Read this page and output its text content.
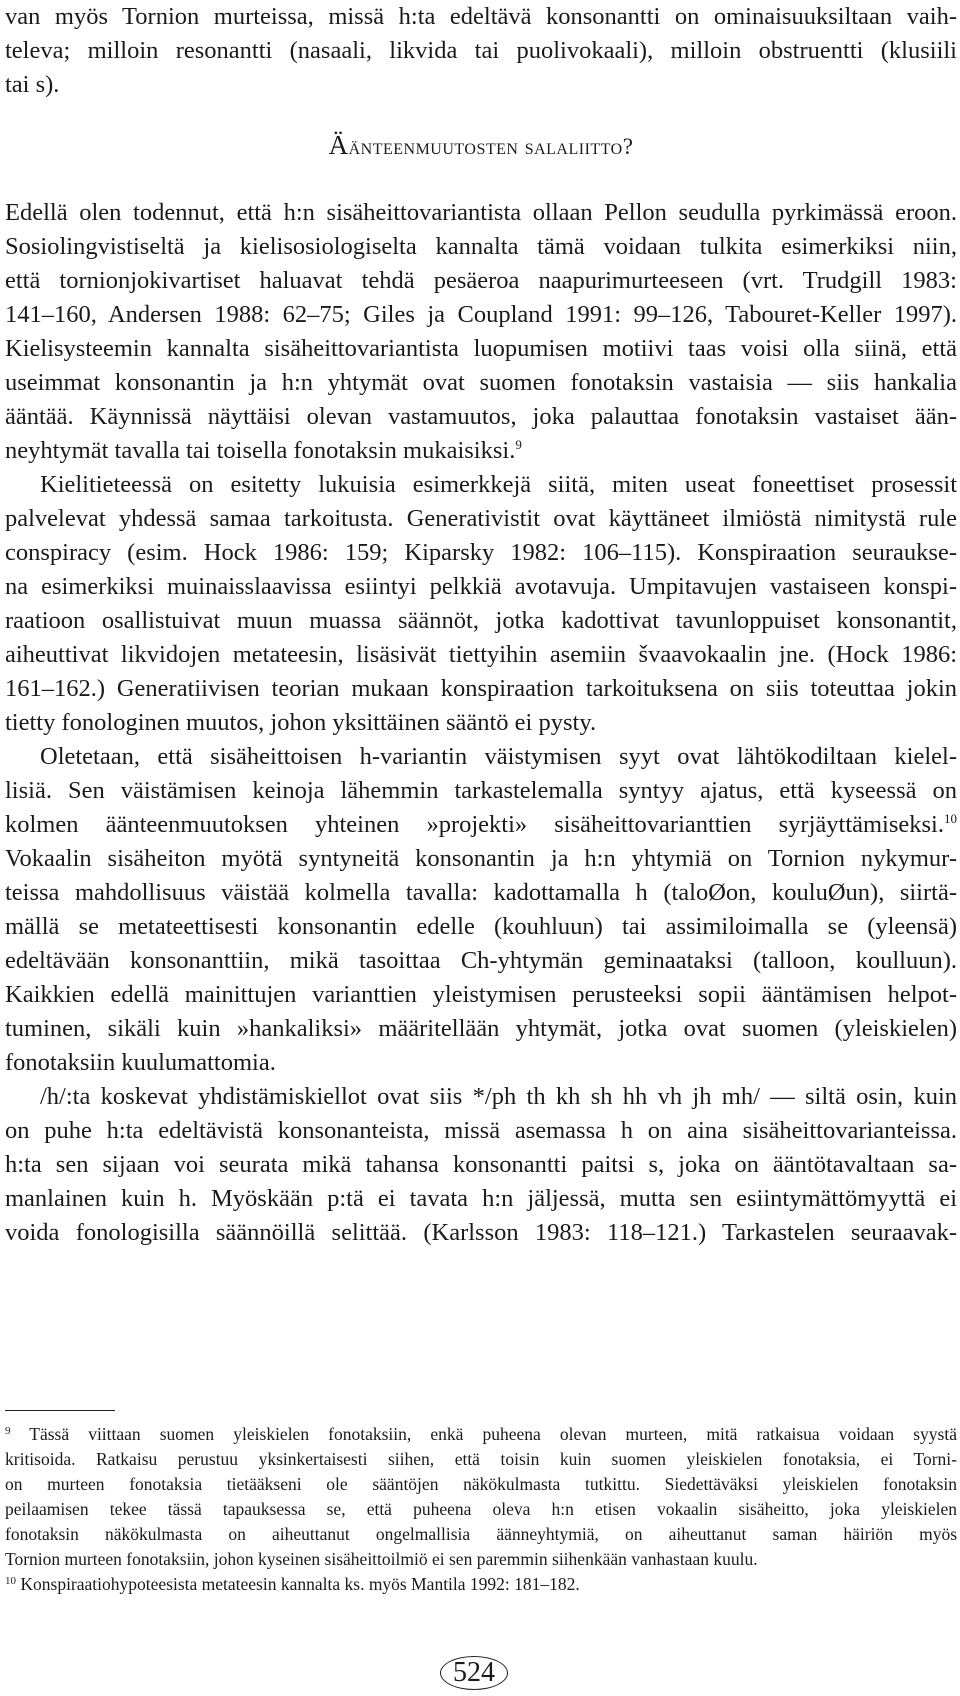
van myös Tornion murteissa, missä h:ta edeltävä konsonantti on ominaisuuksiltaan vaih-
televa; milloin resonantti (nasaali, likvida tai puolivokaali), milloin obstruentti (klusiili
tai s).
Äänteenmuutosten salaliitto?
Edellä olen todennut, että h:n sisäheittovariantista ollaan Pellon seudulla pyrkimässä eroon.
Sosiolingvistiseltä ja kielisosiologiselta kannalta tämä voidaan tulkita esimerkiksi niin,
että tornionjokivartiset haluavat tehdä pesäeroa naapurimurteeseen (vrt. Trudgill 1983:
141–160, Andersen 1988: 62–75; Giles ja Coupland 1991: 99–126, Tabouret-Keller 1997).
Kielisysteemin kannalta sisäheittovariantista luopumisen motiivi taas voisi olla siinä, että
useimmat konsonantin ja h:n yhtymät ovat suomen fonotaksin vastaisia — siis hankalia
ääntää. Käynnissä näyttäisi olevan vastamuutos, joka palauttaa fonotaksin vastaiset ään-
neyhtymät tavalla tai toisella fonotaksin mukaisiksi.$^9$
Kielitieteessä on esitetty lukuisia esimerkkejä siitä, miten useat foneettiset prosessit
palvelevat yhdessä samaa tarkoitusta. Generativistit ovat käyttäneet ilmiöstä nimitystä rule
conspiracy (esim. Hock 1986: 159; Kiparsky 1982: 106–115). Konspiraation seurauksе-
na esimerkiksi muinaisslaavissa esiintyi pelkkiä avotavuja. Umpitavujen vastaiseen konspi-
raatioon osallistuivat muun muassa säännöt, jotka kadottivat tavunloppuiset konsonantit,
aiheuttivat likvidojen metateesin, lisäsivät tiettyihin asemiin švaavokaalin jne. (Hock 1986:
161–162.) Generatiivisen teorian mukaan konspiraation tarkoituksena on siis toteuttaa jokin
tietty fonologinen muutos, johon yksittäinen sääntö ei pysty.
Oletetaan, että sisäheittoisen h-variantin väistymisen syyt ovat lähtökodiltaan kielel-
lisiä. Sen väistämisen keinoja lähemmin tarkastelemalla syntyy ajatus, että kyseessä on
kolmen äänteenmuutoksen yhteinen »projekti» sisäheittovarianttien syrjäyttämiseksi.$^{10}$
Vokaalin sisäheiton myötä syntyneitä konsonantin ja h:n yhtymiä on Tornion nykymur-
teissa mahdollisuus väistää kolmella tavalla: kadottamalla h (taloØon, kouluØun), siirtä-
mällä se metateettisesti konsonantin edelle (kouhluun) tai assimiloimalla se (yleensä)
edeltävään konsonanttiin, mikä tasoittaa Ch-yhtymän geminaataksi (talloon, koulluun).
Kaikkien edellä mainittujen varianttien yleistymisen perusteeksi sopii ääntämisen helpot-
tuminen, sikäli kuin »hankaliksi» määritellään yhtymät, jotka ovat suomen (yleiskielen)
fonotaksiin kuulumattomia.
/h/:ta koskevat yhdistämiskiellot ovat siis */ph th kh sh hh vh jh mh/ — siltä osin, kuin
on puhe h:ta edeltävistä konsonanteista, missä asemassa h on aina sisäheittovarianteissa.
h:ta sen sijaan voi seurata mikä tahansa konsonantti paitsi s, joka on ääntötavaltaan sa-
manlainen kuin h. Myöskään p:tä ei tavata h:n jäljessä, mutta sen esiintymättömyyttä ei
voida fonologisilla säännöillä selittää. (Karlsson 1983: 118–121.) Tarkastelen seuraavak-
$^9$ Tässä viittaan suomen yleiskielen fonotaksiin, enkä puheena olevan murteen, mitä ratkaisua voidaan syystä
kritisoida. Ratkaisu perustuu yksinkertaisesti siihen, että toisin kuin suomen yleiskielen fonotaksia, ei Torni-
on murteen fonotaksia tietääkseni ole sääntöjen näkökulmasta tutkittu. Siedettäväksi yleiskielen fonotaksin
peilaamisen tekee tässä tapauksessa se, että puheena oleva h:n etisen vokaalin sisäheitto, joka yleiskielen
fonotaksin näkökulmasta on aiheuttanut ongelmallisia äänneyhtymiä, on aiheuttanut saman häiriön myös
Tornion murteen fonotaksiin, johon kyseinen sisäheittoilmiö ei sen paremmin siihenkään vanhastaan kuulu.
$^{10}$ Konspiraatiohypoteesista metateesin kannalta ks. myös Mantila 1992: 181–182.
524
